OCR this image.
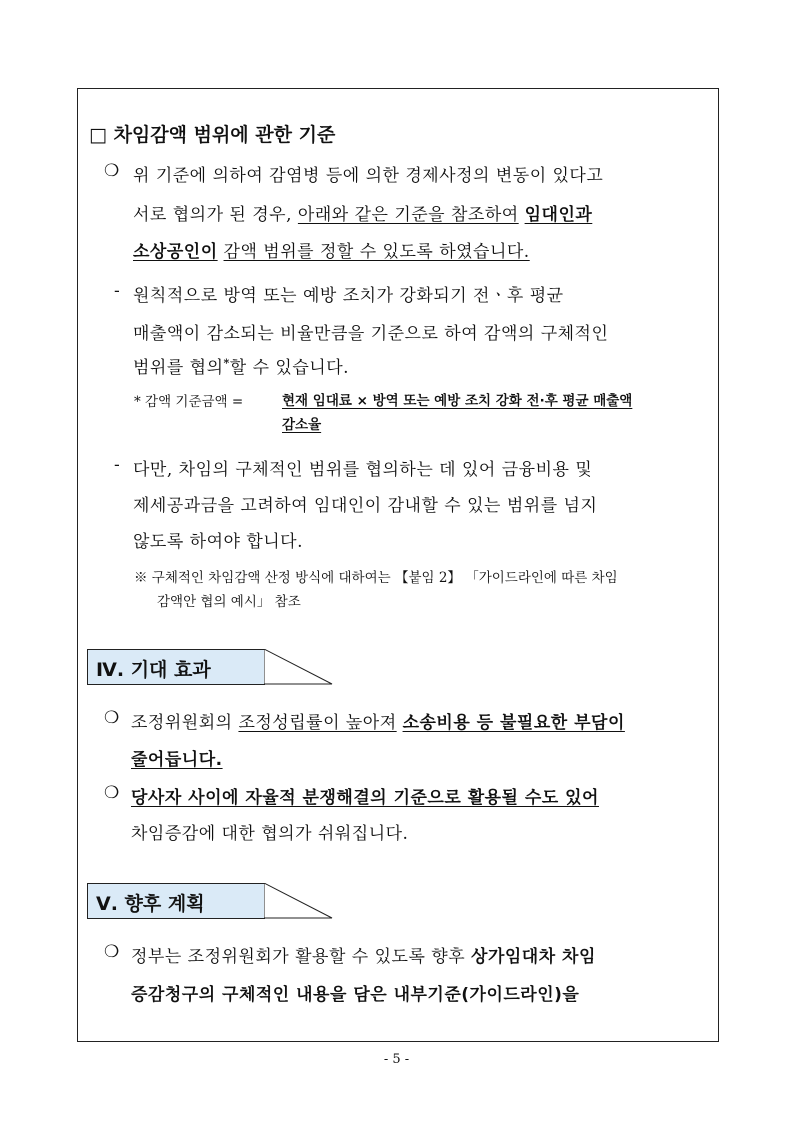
□ 차임감액 범위에 관한 기준
❍ 위 기준에 의하여 감염병 등에 의한 경제사정의 변동이 있다고
서로 협의가 된 경우, 아래와 같은 기준을 참조하여 임대인과
소상공인이 감액 범위를 정할 수 있도록 하였습니다.
- 원칙적으로 방역 또는 예방 조치가 강화되기 전ㆍ후 평균
매출액이 감소되는 비율만큼을 기준으로 하여 감액의 구체적인
범위를 협의*할 수 있습니다.
* 감액 기준금액 =	현재 임대료 × 방역 또는 예방 조치 강화 전·후 평균 매출액
감소율
- 다만, 차임의 구체적인 범위를 협의하는 데 있어 금융비용 및
제세공과금을 고려하여 임대인이 감내할 수 있는 범위를 넘지
않도록 하여야 합니다.
※ 구체적인 차임감액 산정 방식에 대하여는 【붙임 2】 「가이드라인에 따른 차임
감액안 협의 예시」 참조
Ⅳ. 기대 효과
❍ 조정위원회의 조정성립률이 높아져 소송비용 등 불필요한 부담이
줄어듭니다.
❍ 당사자 사이에 자율적 분쟁해결의 기준으로 활용될 수도 있어
차임증감에 대한 협의가 쉬워집니다.
Ⅴ. 향후 계획
❍ 정부는 조정위원회가 활용할 수 있도록 향후 상가임대차 차임
증감청구의 구체적인 내용을 담은 내부기준(가이드라인)을
- 5 -
